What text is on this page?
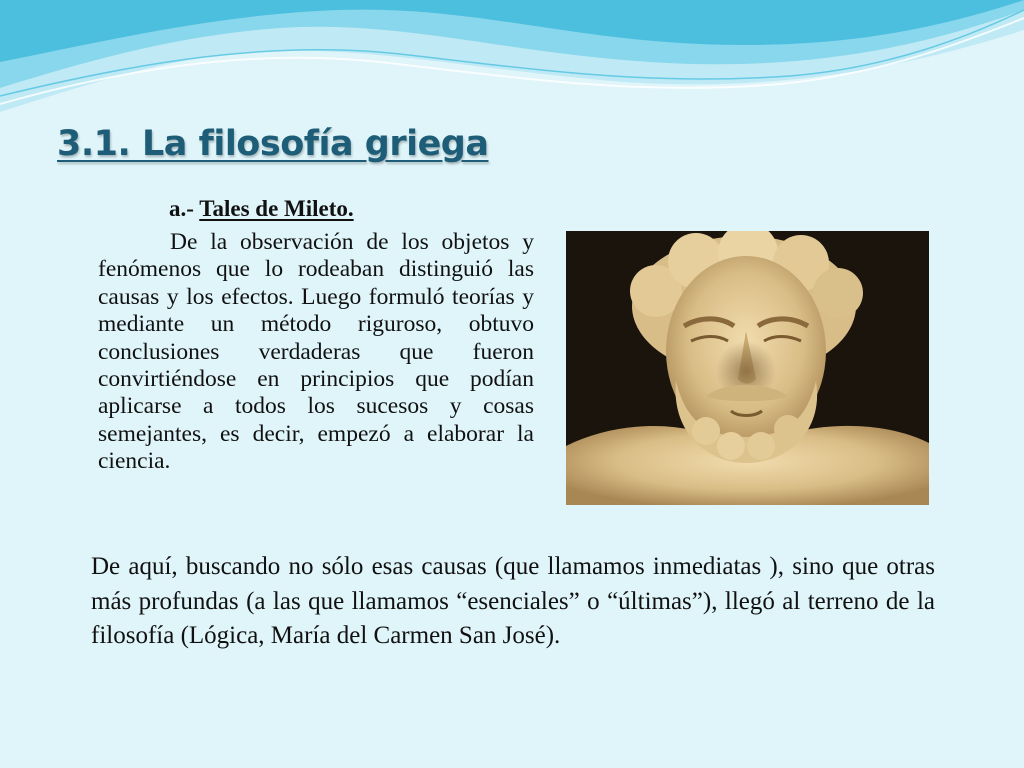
3.1. La filosofía griega

a.- Tales de Mileto.

De la observación de los objetos y fenómenos que lo rodeaban distinguió las causas y los efectos. Luego formuló teorías y mediante un método riguroso, obtuvo conclusiones verdaderas que fueron convirtiéndose en principios que podían aplicarse a todos los sucesos y cosas semejantes, es decir, empezó a elaborar la ciencia.

De aquí, buscando no sólo esas causas (que llamamos inmediatas ), sino que otras más profundas (a las que llamamos “esenciales” o “últimas”), llegó al terreno de la filosofía (Lógica, María del Carmen San José).
